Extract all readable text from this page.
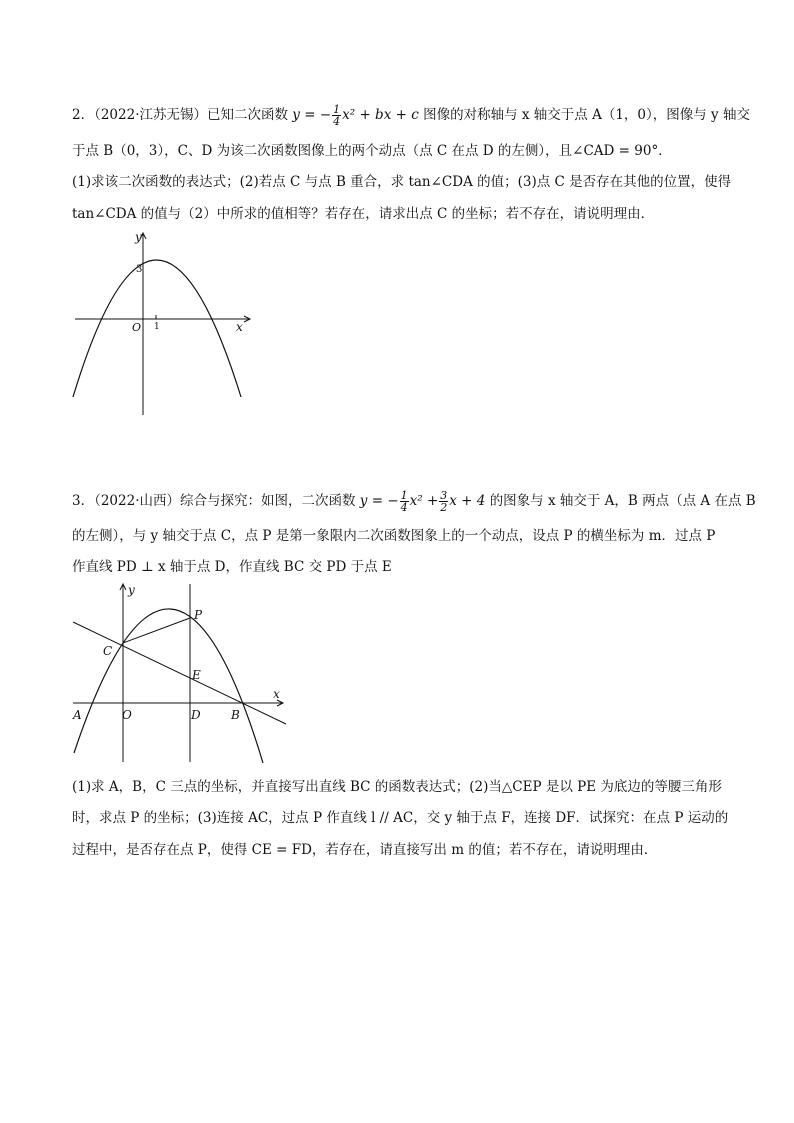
2．（2022·江苏无锡）已知二次函数 y = − $\frac{1}{4} x^2$ + bx + c 图像的对称轴与 x 轴交于点 A（1，0），图像与 y 轴交
于点 B（0，3），C、D 为该二次函数图像上的两个动点（点 C 在点 D 的左侧），且∠CAD = 90°．
(1)求该二次函数的表达式；(2)若点 C 与点 B 重合，求 tan∠CDA 的值；(3)点 C 是否存在其他的位置，使得
tan∠CDA 的值与（2）中所求的值相等？若存在，请求出点 C 的坐标；若不存在，请说明理由．
y
x
O
3
1
3．（2022·山西）综合与探究：如图，二次函数 y = − $\frac{1}{4} x^2 + \frac{3}{2}$ x + 4 的图象与 x 轴交于 A，B 两点（点 A 在点 B
的左侧），与 y 轴交于点 C，点 P 是第一象限内二次函数图象上的一个动点，设点 P 的横坐标为 m．过点 P
作直线 PD ⊥ x 轴于点 D，作直线 BC 交 PD 于点 E
y
x
A	O	D	B
C
E
P
(1)求 A，B，C 三点的坐标，并直接写出直线 BC 的函数表达式；(2)当△CEP 是以 PE 为底边的等腰三角形
时，求点 P 的坐标；(3)连接 AC，过点 P 作直线 l // AC，交 y 轴于点 F，连接 DF．试探究：在点 P 运动的
过程中，是否存在点 P，使得 CE = FD，若存在，请直接写出 m 的值；若不存在，请说明理由．
